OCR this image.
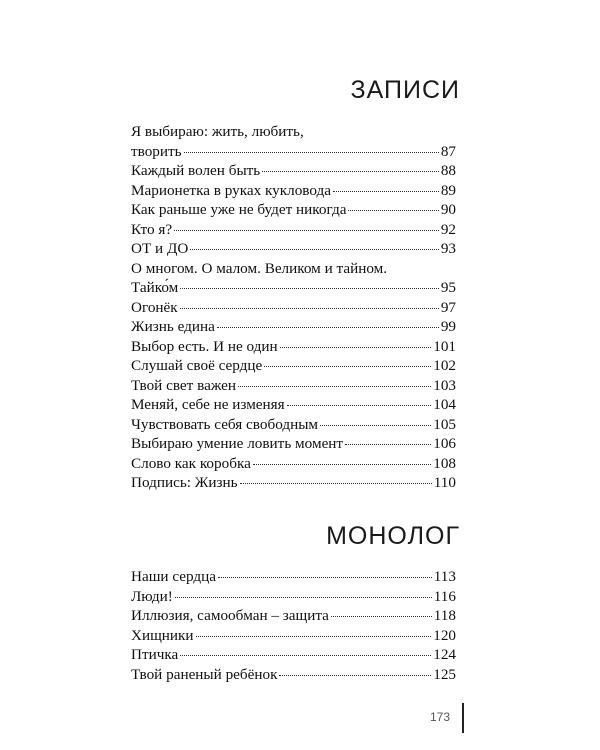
ЗАПИСИ
Я выбираю: жить, любить,
творить	87
Каждый волен быть	88
Марионетка в руках кукловода	89
Как раньше уже не будет никогда	90
Кто я?	92
ОТ и ДО	93
О многом. О малом. Великом и тайном.
Тайко́м	95
Огонёк	97
Жизнь едина	99
Выбор есть. И не один	101
Слушай своё сердце	102
Твой свет важен	103
Меняй, себе не изменяя	104
Чувствовать себя свободным	105
Выбираю умение ловить момент	106
Слово как коробка	108
Подпись: Жизнь	110
МОНОЛОГ
Наши сердца	113
Люди!	116
Иллюзия, самообман – защита	118
Хищники	120
Птичка	124
Твой раненый ребёнок	125
173
